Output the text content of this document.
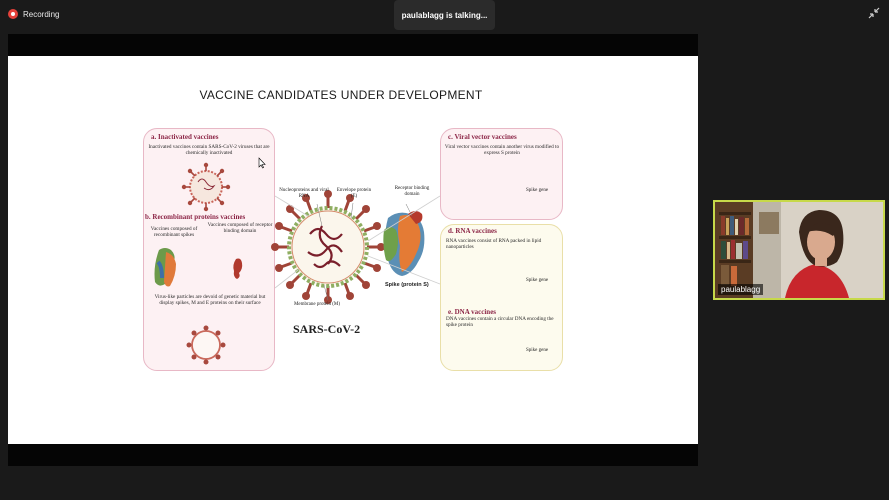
Recording	paulablagg is talking...
VACCINE CANDIDATES UNDER DEVELOPMENT
a. Inactivated vaccines
Inactivated vaccines contain SARS-CoV-2 viruses that are chemically inactivated
b. Recombinant proteins vaccines
Vaccines composed of recombinant spikes
Vaccines composed of receptor binding domain
Virus-like particles are devoid of genetic material but display spikes, M and E proteins on their surface
Nucleoproteins and viral RNA
Envelope protein (E)
Receptor binding domain
Membrane protein (M)
Spike (protein S)
SARS-CoV-2
c. Viral vector vaccines
Viral vector vaccines contain another virus modified to express S protein
Spike gene
d. RNA vaccines
RNA vaccines consist of RNA packed in lipid nanoparticles
Spike gene
e. DNA vaccines
DNA vaccines contain a circular DNA encoding the spike protein
Spike gene
paulablagg
